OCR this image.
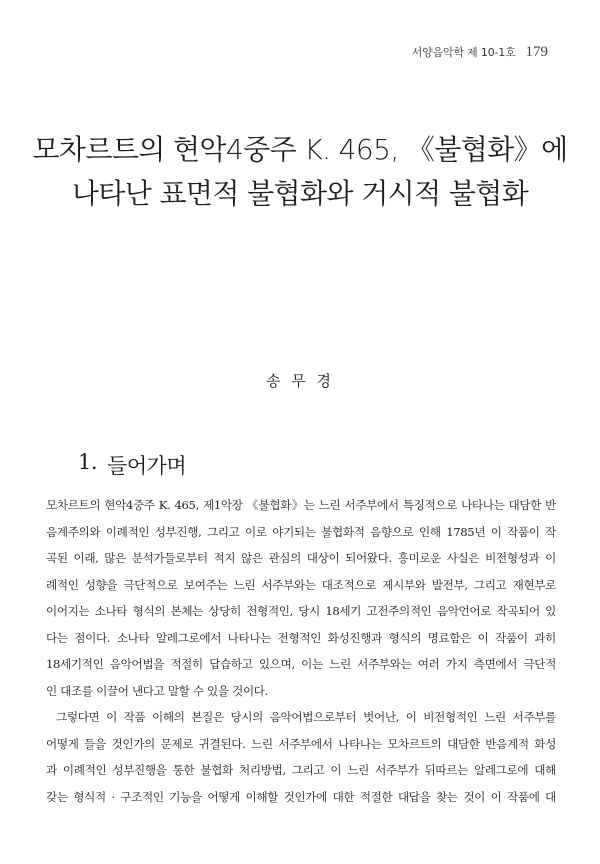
서양음악학 제 10-1호 179
모차르트의 현악4중주 K. 465, 《불협화》에
나타난 표면적 불협화와 거시적 불협화
송 무 경
1. 들어가며
모차르트의 현악4중주 K. 465, 제1악장 《불협화》는 느린 서주부에서 특징적으로 나타나는 대담한 반
음계주의와 이례적인 성부진행, 그리고 이로 야기되는 불협화적 음향으로 인해 1785년 이 작품이 작
곡된 이래, 많은 분석가들로부터 적지 않은 관심의 대상이 되어왔다. 흥미로운 사실은 비전형성과 이
례적인 성향을 극단적으로 보여주는 느린 서주부와는 대조적으로 제시부와 발전부, 그리고 재현부로
이어지는 소나타 형식의 본체는 상당히 전형적인, 당시 18세기 고전주의적인 음악언어로 작곡되어 있
다는 점이다. 소나타 알레그로에서 나타나는 전형적인 화성진행과 형식의 명료함은 이 작품이 과히
18세기적인 음악어법을 적절히 답습하고 있으며, 이는 느린 서주부와는 여러 가지 측면에서 극단적
인 대조를 이끌어 낸다고 말할 수 있을 것이다.
그렇다면 이 작품 이해의 본질은 당시의 음악어법으로부터 벗어난, 이 비전형적인 느린 서주부를
어떻게 들을 것인가의 문제로 귀결된다. 느린 서주부에서 나타나는 모차르트의 대담한 반음계적 화성
과 이례적인 성부진행을 통한 불협화 처리방법, 그리고 이 느린 서주부가 뒤따르는 알레그로에 대해
갖는 형식적 · 구조적인 기능을 어떻게 이해할 것인가에 대한 적절한 대답을 찾는 것이 이 작품에 대
